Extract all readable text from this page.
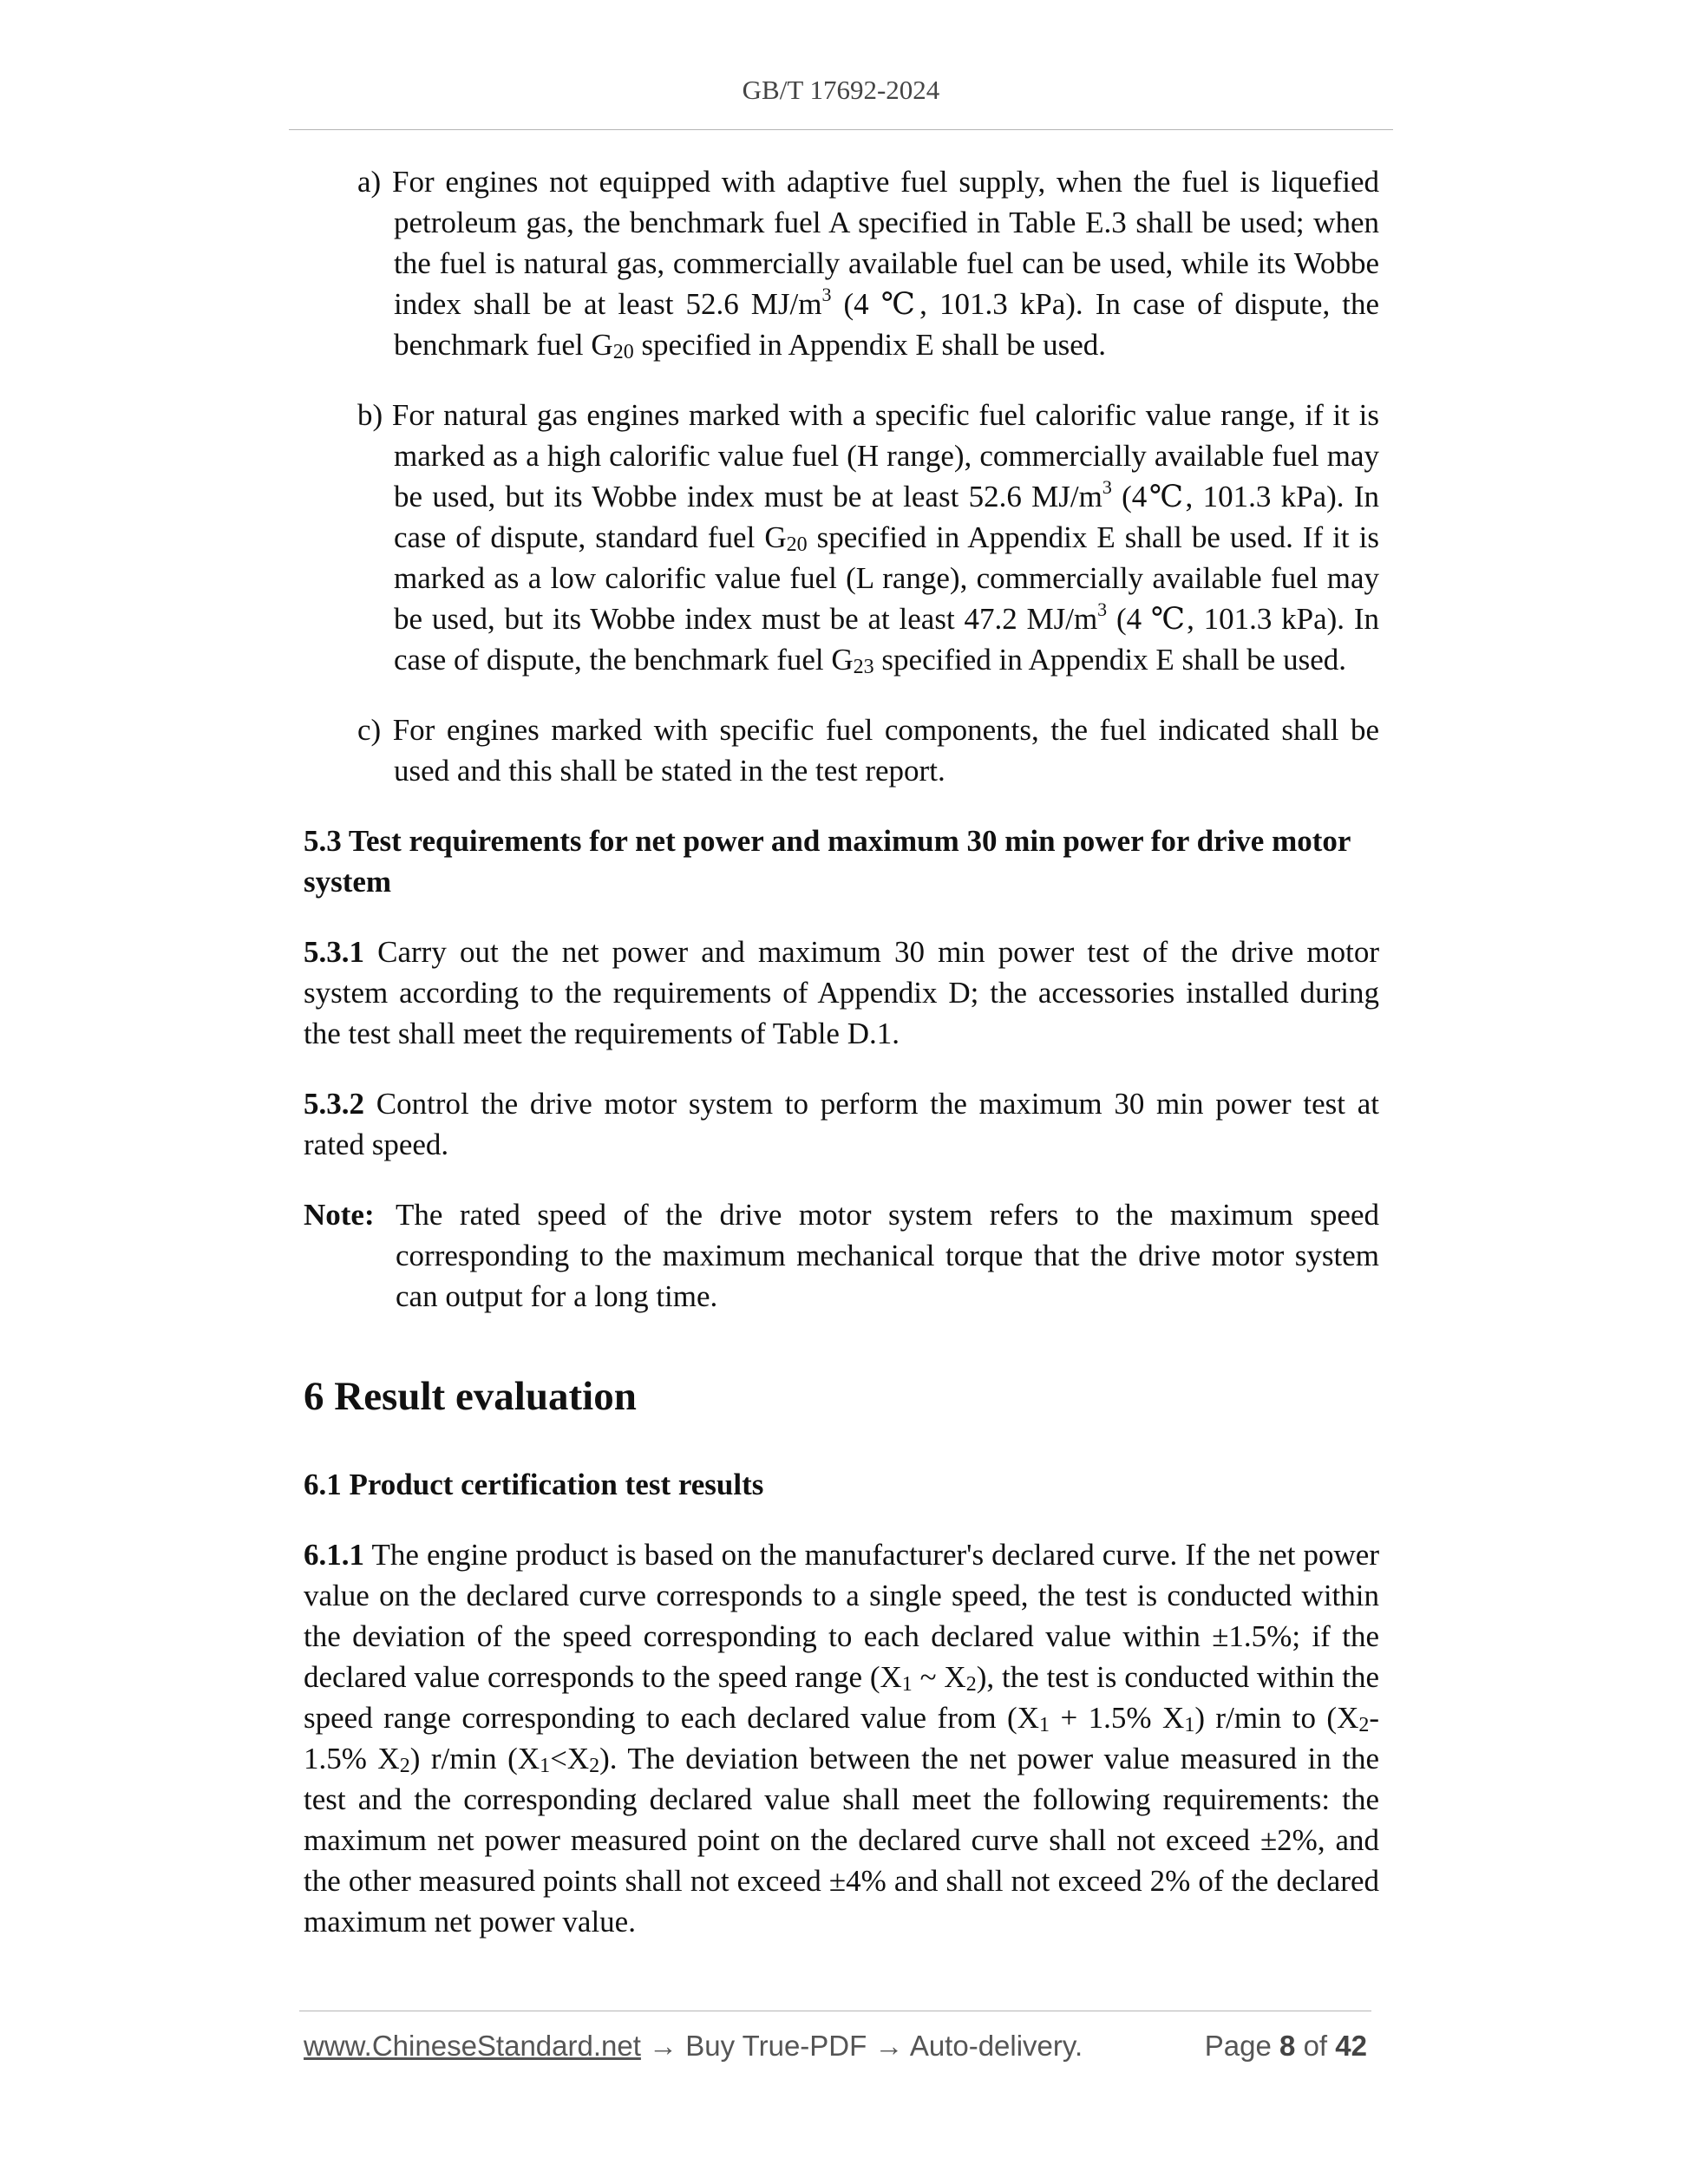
GB/T 17692-2024
a) For engines not equipped with adaptive fuel supply, when the fuel is liquefied petroleum gas, the benchmark fuel A specified in Table E.3 shall be used; when the fuel is natural gas, commercially available fuel can be used, while its Wobbe index shall be at least 52.6 $MJ/m^3$ (4 ℃, 101.3 kPa). In case of dispute, the benchmark fuel $G_{20}$ specified in Appendix E shall be used.
b) For natural gas engines marked with a specific fuel calorific value range, if it is marked as a high calorific value fuel (H range), commercially available fuel may be used, but its Wobbe index must be at least 52.6 $MJ/m^3$ (4℃, 101.3 kPa). In case of dispute, standard fuel $G_{20}$ specified in Appendix E shall be used. If it is marked as a low calorific value fuel (L range), commercially available fuel may be used, but its Wobbe index must be at least 47.2 $MJ/m^3$ (4 ℃, 101.3 kPa). In case of dispute, the benchmark fuel $G_{23}$ specified in Appendix E shall be used.
c) For engines marked with specific fuel components, the fuel indicated shall be used and this shall be stated in the test report.
5.3 Test requirements for net power and maximum 30 min power for drive motor system
5.3.1 Carry out the net power and maximum 30 min power test of the drive motor system according to the requirements of Appendix D; the accessories installed during the test shall meet the requirements of Table D.1.
5.3.2 Control the drive motor system to perform the maximum 30 min power test at rated speed.
Note: The rated speed of the drive motor system refers to the maximum speed corresponding to the maximum mechanical torque that the drive motor system can output for a long time.
6 Result evaluation
6.1 Product certification test results
6.1.1 The engine product is based on the manufacturer's declared curve. If the net power value on the declared curve corresponds to a single speed, the test is conducted within the deviation of the speed corresponding to each declared value within ±1.5%; if the declared value corresponds to the speed range ($X_1$ ~ $X_2$), the test is conducted within the speed range corresponding to each declared value from ($X_1 + 1.5\%$ $X_1$) r/min to ($X_2-1.5\%$ $X_2$) r/min $(X_1<X_2)$. The deviation between the net power value measured in the test and the corresponding declared value shall meet the following requirements: the maximum net power measured point on the declared curve shall not exceed ±2%, and the other measured points shall not exceed ±4% and shall not exceed 2% of the declared maximum net power value.
www.ChineseStandard.net → Buy True-PDF → Auto-delivery.	Page 8 of 42
